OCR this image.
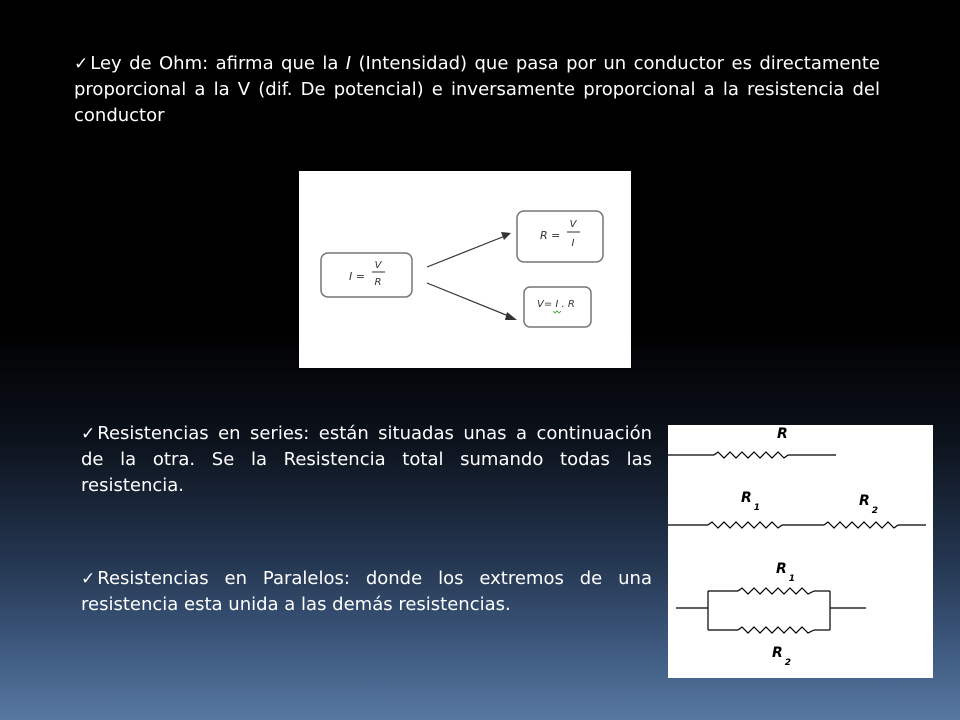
✓ Ley de Ohm: afirma que la I (Intensidad) que pasa por un conductor es directamente proporcional a la V (dif. De potencial) e inversamente proporcional a la resistencia del conductor
I =
V
R
R =
V
I
V= I . R
✓ Resistencias en series: están situadas unas a continuación de la otra. Se la Resistencia total sumando todas las resistencia.
✓ Resistencias en Paralelos: donde los extremos de una resistencia esta unida a las demás resistencias.
R
$R_1$	$R_2$
$R_1$
$R_2$
